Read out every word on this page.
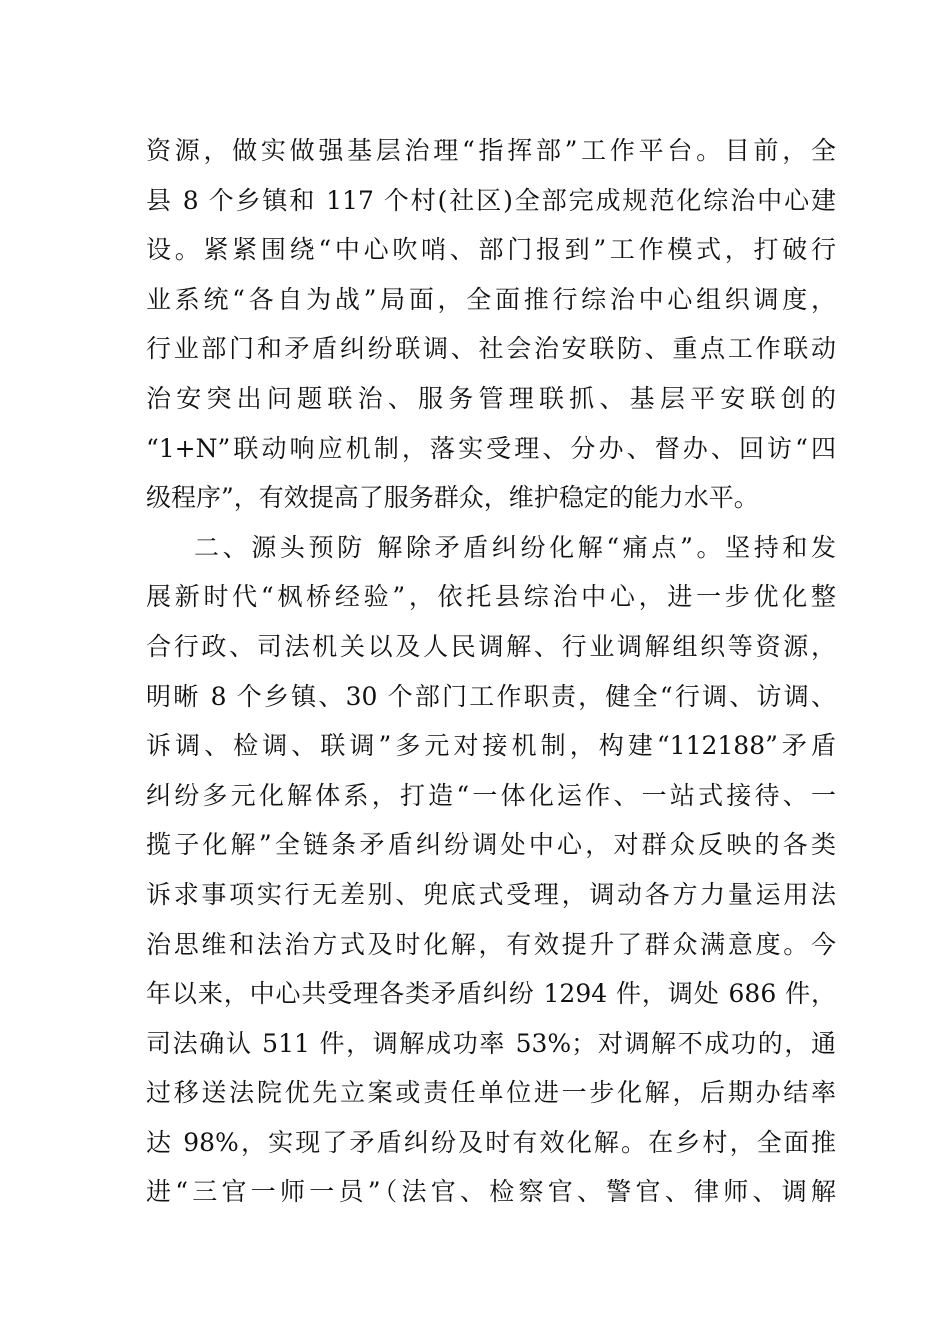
资源，做实做强基层治理“指挥部”工作平台。目前，全
县 8 个乡镇和 117 个村(社区)全部完成规范化综治中心建
设。紧紧围绕“中心吹哨、部门报到”工作模式，打破行
业系统“各自为战”局面，全面推行综治中心组织调度，
行业部门和矛盾纠纷联调、社会治安联防、重点工作联动
治安突出问题联治、服务管理联抓、基层平安联创的
“1+N”联动响应机制，落实受理、分办、督办、回访“四
级程序”，有效提高了服务群众，维护稳定的能力水平。
二、源头预防 解除矛盾纠纷化解“痛点”。坚持和发
展新时代“枫桥经验”，依托县综治中心，进一步优化整
合行政、司法机关以及人民调解、行业调解组织等资源，
明晰 8 个乡镇、30 个部门工作职责，健全“行调、访调、
诉调、检调、联调”多元对接机制，构建“112188”矛盾
纠纷多元化解体系，打造“一体化运作、一站式接待、一
揽子化解”全链条矛盾纠纷调处中心，对群众反映的各类
诉求事项实行无差别、兜底式受理，调动各方力量运用法
治思维和法治方式及时化解，有效提升了群众满意度。今
年以来，中心共受理各类矛盾纠纷 1294 件，调处 686 件，
司法确认 511 件，调解成功率 53%；对调解不成功的，通
过移送法院优先立案或责任单位进一步化解，后期办结率
达 98%，实现了矛盾纠纷及时有效化解。在乡村，全面推
进“三官一师一员”（法官、检察官、警官、律师、调解
